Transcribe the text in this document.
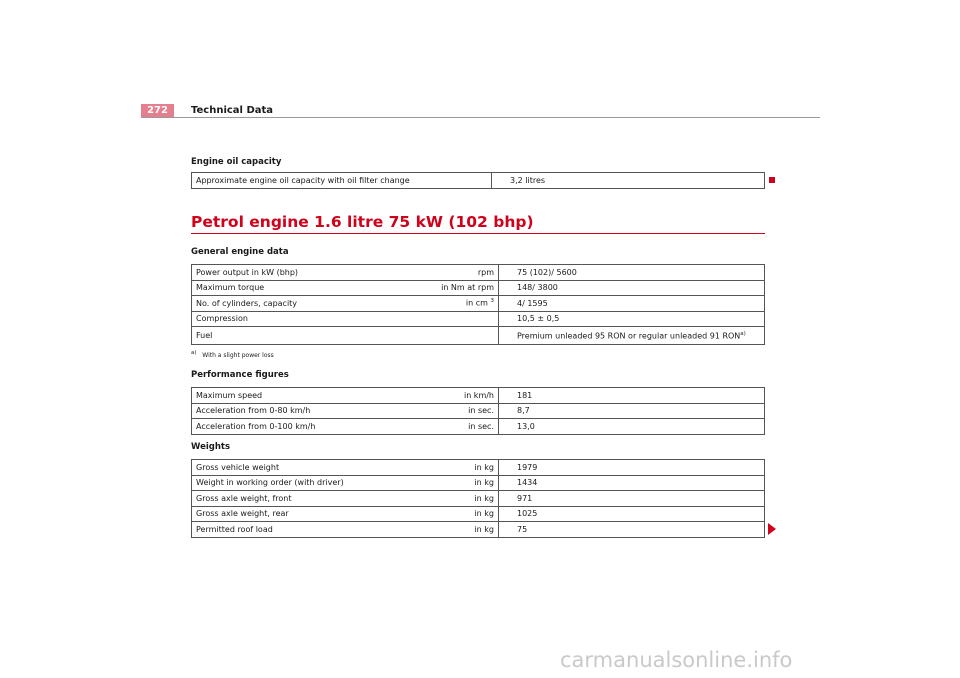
272	Technical Data
Engine oil capacity
Approximate engine oil capacity with oil filter change	3,2 litres
Petrol engine 1.6 litre 75 kW (102 bhp)
General engine data
Power output in kW (bhp)	rpm	75 (102)/ 5600
Maximum torque	in Nm at rpm	148/ 3800
No. of cylinders, capacity	in cm $^3$	4/ 1595
Compression		10,5 ± 0,5
Fuel		Premium unleaded 95 RON or regular unleaded 91 RON$^{a)}$
$^{a)}$ With a slight power loss
Performance figures
Maximum speed	in km/h	181
Acceleration from 0-80 km/h	in sec.	8,7
Acceleration from 0-100 km/h	in sec.	13,0
Weights
Gross vehicle weight	in kg	1979
Weight in working order (with driver)	in kg	1434
Gross axle weight, front	in kg	971
Gross axle weight, rear	in kg	1025
Permitted roof load	in kg	75
carmanualsonline.info
